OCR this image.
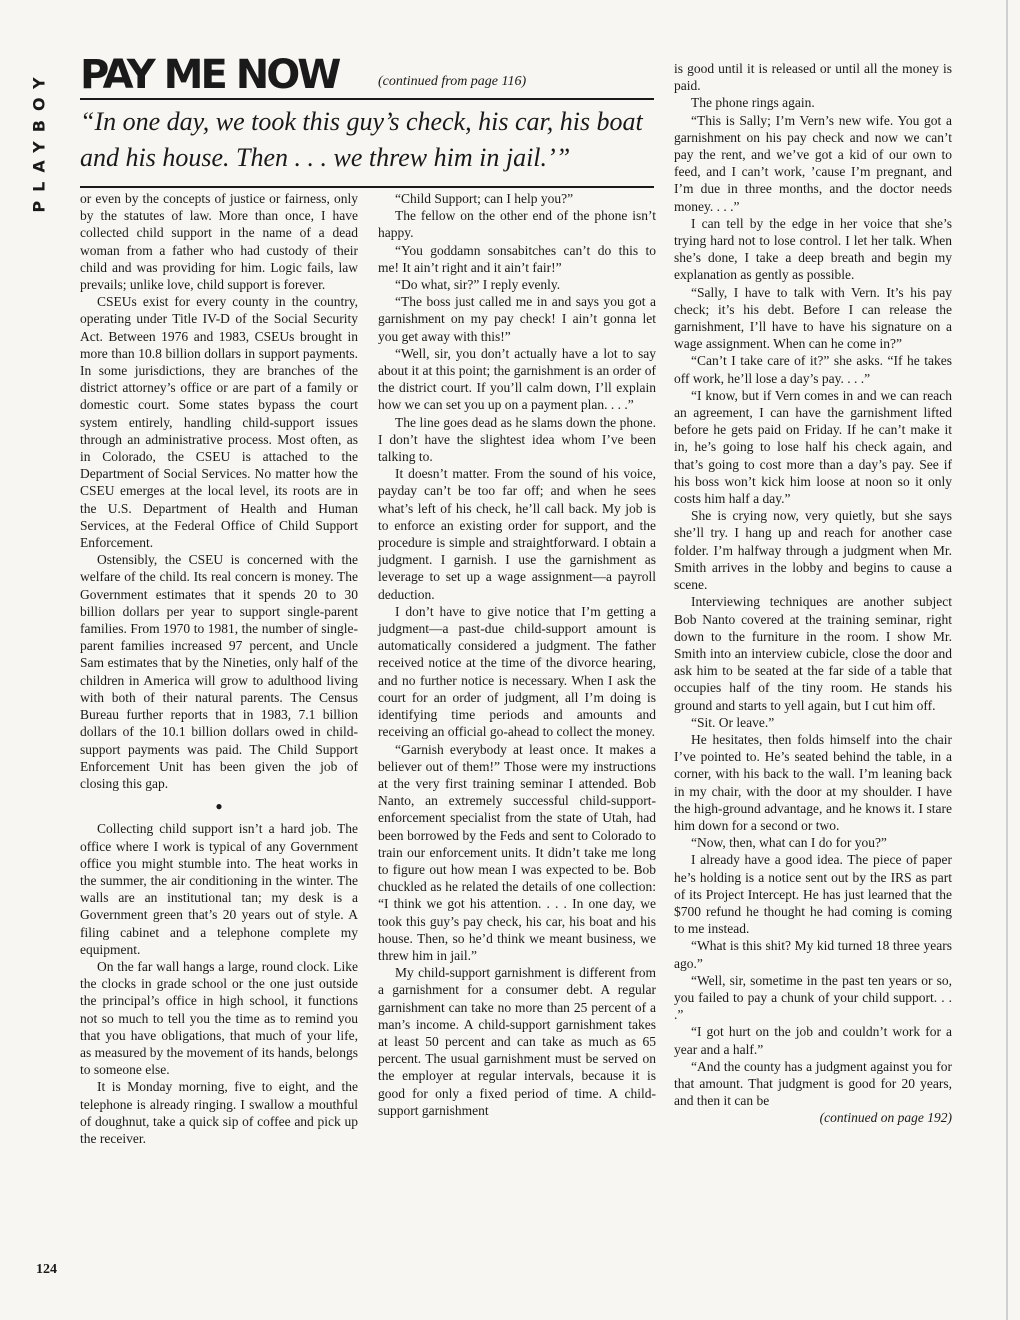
PLAYBOY PAY ME NOW	(continued from page 116)

“In one day, we took this guy’s check, his car, his boat and his house. Then . . . we threw him in jail.’”

or even by the concepts of justice or fairness, only by the statutes of law. More than once, I have collected child support in the name of a dead woman from a father who had custody of their child and was providing for him. Logic fails, law prevails; unlike love, child support is forever.

CSEUs exist for every county in the country, operating under Title IV-D of the Social Security Act. Between 1976 and 1983, CSEUs brought in more than 10.8 billion dollars in support payments. In some jurisdictions, they are branches of the district attorney’s office or are part of a family or domestic court. Some states bypass the court system entirely, handling child-support issues through an administrative process. Most often, as in Colorado, the CSEU is attached to the Department of Social Services. No matter how the CSEU emerges at the local level, its roots are in the U.S. Department of Health and Human Services, at the Federal Office of Child Support Enforcement.

Ostensibly, the CSEU is concerned with the welfare of the child. Its real concern is money. The Government estimates that it spends 20 to 30 billion dollars per year to support single-parent families. From 1970 to 1981, the number of single-parent families increased 97 percent, and Uncle Sam estimates that by the Nineties, only half of the children in America will grow to adulthood living with both of their natural parents. The Census Bureau further reports that in 1983, 7.1 billion dollars of the 10.1 billion dollars owed in child-support payments was paid. The Child Support Enforcement Unit has been given the job of closing this gap.

●

Collecting child support isn’t a hard job. The office where I work is typical of any Government office you might stumble into. The heat works in the summer, the air conditioning in the winter. The walls are an institutional tan; my desk is a Government green that’s 20 years out of style. A filing cabinet and a telephone complete my equipment.

On the far wall hangs a large, round clock. Like the clocks in grade school or the one just outside the principal’s office in high school, it functions not so much to tell you the time as to remind you that you have obligations, that much of your life, as measured by the movement of its hands, belongs to someone else.

It is Monday morning, five to eight, and the telephone is already ringing. I swallow a mouthful of doughnut, take a quick sip of coffee and pick up the receiver.

“Child Support; can I help you?”

The fellow on the other end of the phone isn’t happy.

“You goddamn sonsabitches can’t do this to me! It ain’t right and it ain’t fair!”

“Do what, sir?” I reply evenly.

“The boss just called me in and says you got a garnishment on my pay check! I ain’t gonna let you get away with this!”

“Well, sir, you don’t actually have a lot to say about it at this point; the garnishment is an order of the district court. If you’ll calm down, I’ll explain how we can set you up on a payment plan. . . .”

The line goes dead as he slams down the phone. I don’t have the slightest idea whom I’ve been talking to.

It doesn’t matter. From the sound of his voice, payday can’t be too far off; and when he sees what’s left of his check, he’ll call back. My job is to enforce an existing order for support, and the procedure is simple and straightforward. I obtain a judgment. I garnish. I use the garnishment as leverage to set up a wage assignment—a payroll deduction.

I don’t have to give notice that I’m getting a judgment—a past-due child-support amount is automatically considered a judgment. The father received notice at the time of the divorce hearing, and no further notice is necessary. When I ask the court for an order of judgment, all I’m doing is identifying time periods and amounts and receiving an official go-ahead to collect the money.

“Garnish everybody at least once. It makes a believer out of them!” Those were my instructions at the very first training seminar I attended. Bob Nanto, an extremely successful child-support-enforcement specialist from the state of Utah, had been borrowed by the Feds and sent to Colorado to train our enforcement units. It didn’t take me long to figure out how mean I was expected to be. Bob chuckled as he related the details of one collection: “I think we got his attention. . . . In one day, we took this guy’s pay check, his car, his boat and his house. Then, so he’d think we meant business, we threw him in jail.”

My child-support garnishment is different from a garnishment for a consumer debt. A regular garnishment can take no more than 25 percent of a man’s income. A child-support garnishment takes at least 50 percent and can take as much as 65 percent. The usual garnishment must be served on the employer at regular intervals, because it is good for only a fixed period of time. A child-support garnishment

is good until it is released or until all the money is paid.

The phone rings again.

“This is Sally; I’m Vern’s new wife. You got a garnishment on his pay check and now we can’t pay the rent, and we’ve got a kid of our own to feed, and I can’t work, ’cause I’m pregnant, and I’m due in three months, and the doctor needs money. . . .”

I can tell by the edge in her voice that she’s trying hard not to lose control. I let her talk. When she’s done, I take a deep breath and begin my explanation as gently as possible.

“Sally, I have to talk with Vern. It’s his pay check; it’s his debt. Before I can release the garnishment, I’ll have to have his signature on a wage assignment. When can he come in?”

“Can’t I take care of it?” she asks. “If he takes off work, he’ll lose a day’s pay. . . .”

“I know, but if Vern comes in and we can reach an agreement, I can have the garnishment lifted before he gets paid on Friday. If he can’t make it in, he’s going to lose half his check again, and that’s going to cost more than a day’s pay. See if his boss won’t kick him loose at noon so it only costs him half a day.”

She is crying now, very quietly, but she says she’ll try. I hang up and reach for another case folder. I’m halfway through a judgment when Mr. Smith arrives in the lobby and begins to cause a scene.

Interviewing techniques are another subject Bob Nanto covered at the training seminar, right down to the furniture in the room. I show Mr. Smith into an interview cubicle, close the door and ask him to be seated at the far side of a table that occupies half of the tiny room. He stands his ground and starts to yell again, but I cut him off.

“Sit. Or leave.”

He hesitates, then folds himself into the chair I’ve pointed to. He’s seated behind the table, in a corner, with his back to the wall. I’m leaning back in my chair, with the door at my shoulder. I have the high-ground advantage, and he knows it. I stare him down for a second or two.

“Now, then, what can I do for you?”

I already have a good idea. The piece of paper he’s holding is a notice sent out by the IRS as part of its Project Intercept. He has just learned that the $700 refund he thought he had coming is coming to me instead.

“What is this shit? My kid turned 18 three years ago.”

“Well, sir, sometime in the past ten years or so, you failed to pay a chunk of your child support. . . .”

“I got hurt on the job and couldn’t work for a year and a half.”

“And the county has a judgment against you for that amount. That judgment is good for 20 years, and then it can be

(continued on page 192)

124
